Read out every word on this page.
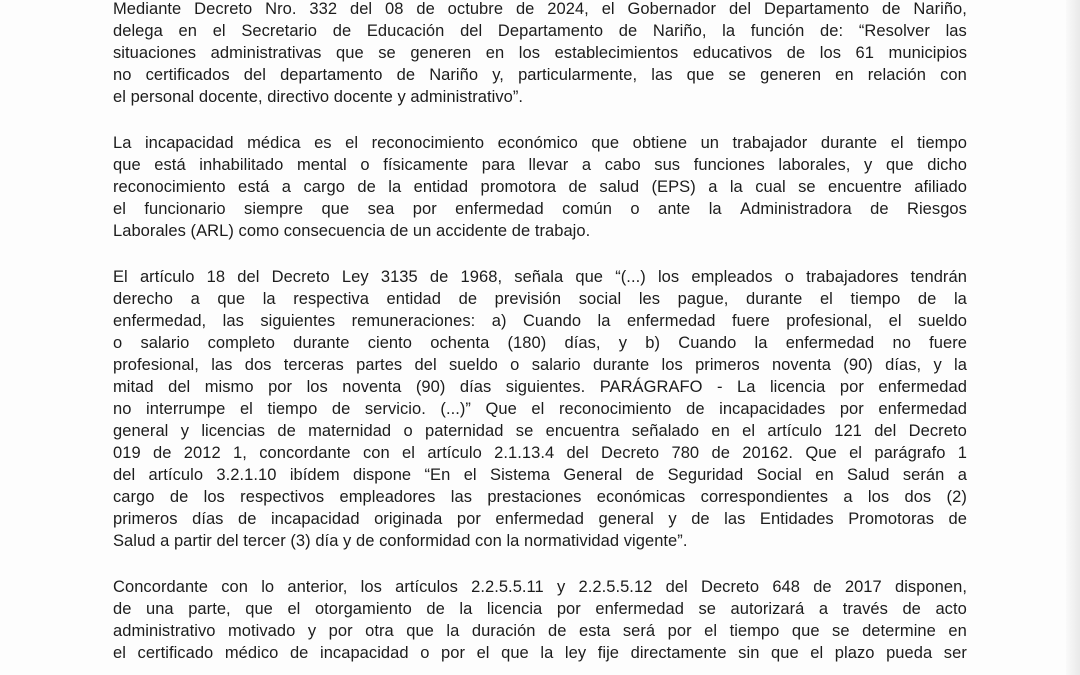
Mediante Decreto Nro. 332 del 08 de octubre de 2024, el Gobernador del Departamento de Nariño,
delega en el Secretario de Educación del Departamento de Nariño, la función de: “Resolver las
situaciones administrativas que se generen en los establecimientos educativos de los 61 municipios
no certificados del departamento de Nariño y, particularmente, las que se generen en relación con
el personal docente, directivo docente y administrativo”.
La incapacidad médica es el reconocimiento económico que obtiene un trabajador durante el tiempo
que está inhabilitado mental o físicamente para llevar a cabo sus funciones laborales, y que dicho
reconocimiento está a cargo de la entidad promotora de salud (EPS) a la cual se encuentre afiliado
el funcionario siempre que sea por enfermedad común o ante la Administradora de Riesgos
Laborales (ARL) como consecuencia de un accidente de trabajo.
El artículo 18 del Decreto Ley 3135 de 1968, señala que “(...) los empleados o trabajadores tendrán
derecho a que la respectiva entidad de previsión social les pague, durante el tiempo de la
enfermedad, las siguientes remuneraciones: a) Cuando la enfermedad fuere profesional, el sueldo
o salario completo durante ciento ochenta (180) días, y b) Cuando la enfermedad no fuere
profesional, las dos terceras partes del sueldo o salario durante los primeros noventa (90) días, y la
mitad del mismo por los noventa (90) días siguientes. PARÁGRAFO - La licencia por enfermedad
no interrumpe el tiempo de servicio. (...)” Que el reconocimiento de incapacidades por enfermedad
general y licencias de maternidad o paternidad se encuentra señalado en el artículo 121 del Decreto
019 de 2012 1, concordante con el artículo 2.1.13.4 del Decreto 780 de 20162. Que el parágrafo 1
del artículo 3.2.1.10 ibídem dispone “En el Sistema General de Seguridad Social en Salud serán a
cargo de los respectivos empleadores las prestaciones económicas correspondientes a los dos (2)
primeros días de incapacidad originada por enfermedad general y de las Entidades Promotoras de
Salud a partir del tercer (3) día y de conformidad con la normatividad vigente”.
Concordante con lo anterior, los artículos 2.2.5.5.11 y 2.2.5.5.12 del Decreto 648 de 2017 disponen,
de una parte, que el otorgamiento de la licencia por enfermedad se autorizará a través de acto
administrativo motivado y por otra que la duración de esta será por el tiempo que se determine en
el certificado médico de incapacidad o por el que la ley fije directamente sin que el plazo pueda ser
